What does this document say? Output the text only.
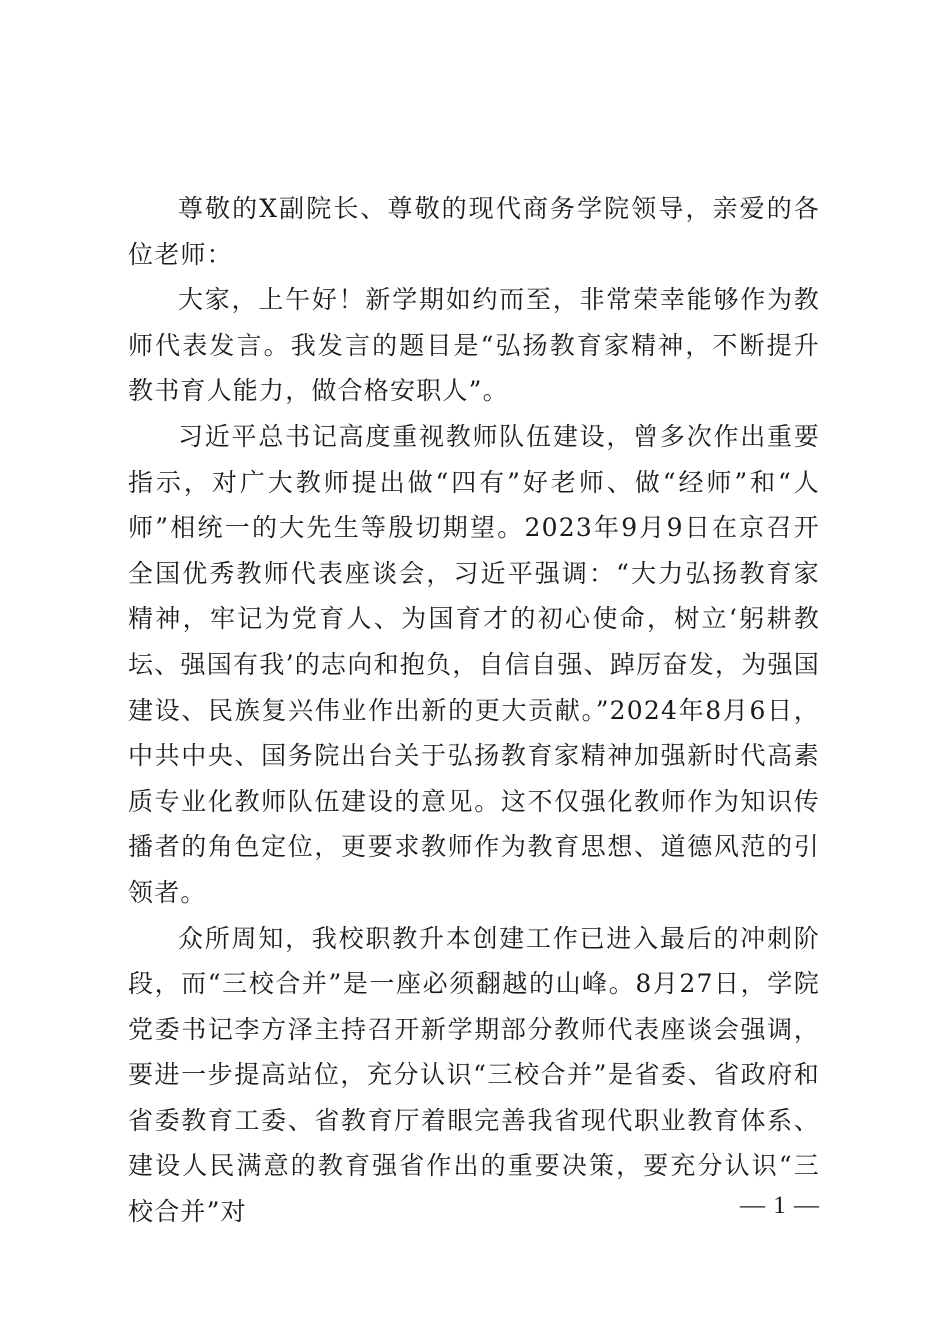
尊敬的X副院长、尊敬的现代商务学院领导，亲爱的各位老师：

大家，上午好！新学期如约而至，非常荣幸能够作为教师代表发言。我发言的题目是“弘扬教育家精神，不断提升教书育人能力，做合格安职人”。

习近平总书记高度重视教师队伍建设，曾多次作出重要指示，对广大教师提出做“四有”好老师、做“经师”和“人师”相统一的大先生等殷切期望。2023年9月9日在京召开全国优秀教师代表座谈会，习近平强调：“大力弘扬教育家精神，牢记为党育人、为国育才的初心使命，树立‘躬耕教坛、强国有我’的志向和抱负，自信自强、踔厉奋发，为强国建设、民族复兴伟业作出新的更大贡献。”2024年8月6日，中共中央、国务院出台关于弘扬教育家精神加强新时代高素质专业化教师队伍建设的意见。这不仅强化教师作为知识传播者的角色定位，更要求教师作为教育思想、道德风范的引领者。

众所周知，我校职教升本创建工作已进入最后的冲刺阶段，而“三校合并”是一座必须翻越的山峰。8月27日，学院党委书记李方泽主持召开新学期部分教师代表座谈会强调，要进一步提高站位，充分认识“三校合并”是省委、省政府和省委教育工委、省教育厅着眼完善我省现代职业教育体系、建设人民满意的教育强省作出的重要决策，要充分认识“三校合并”对	— 1 —
